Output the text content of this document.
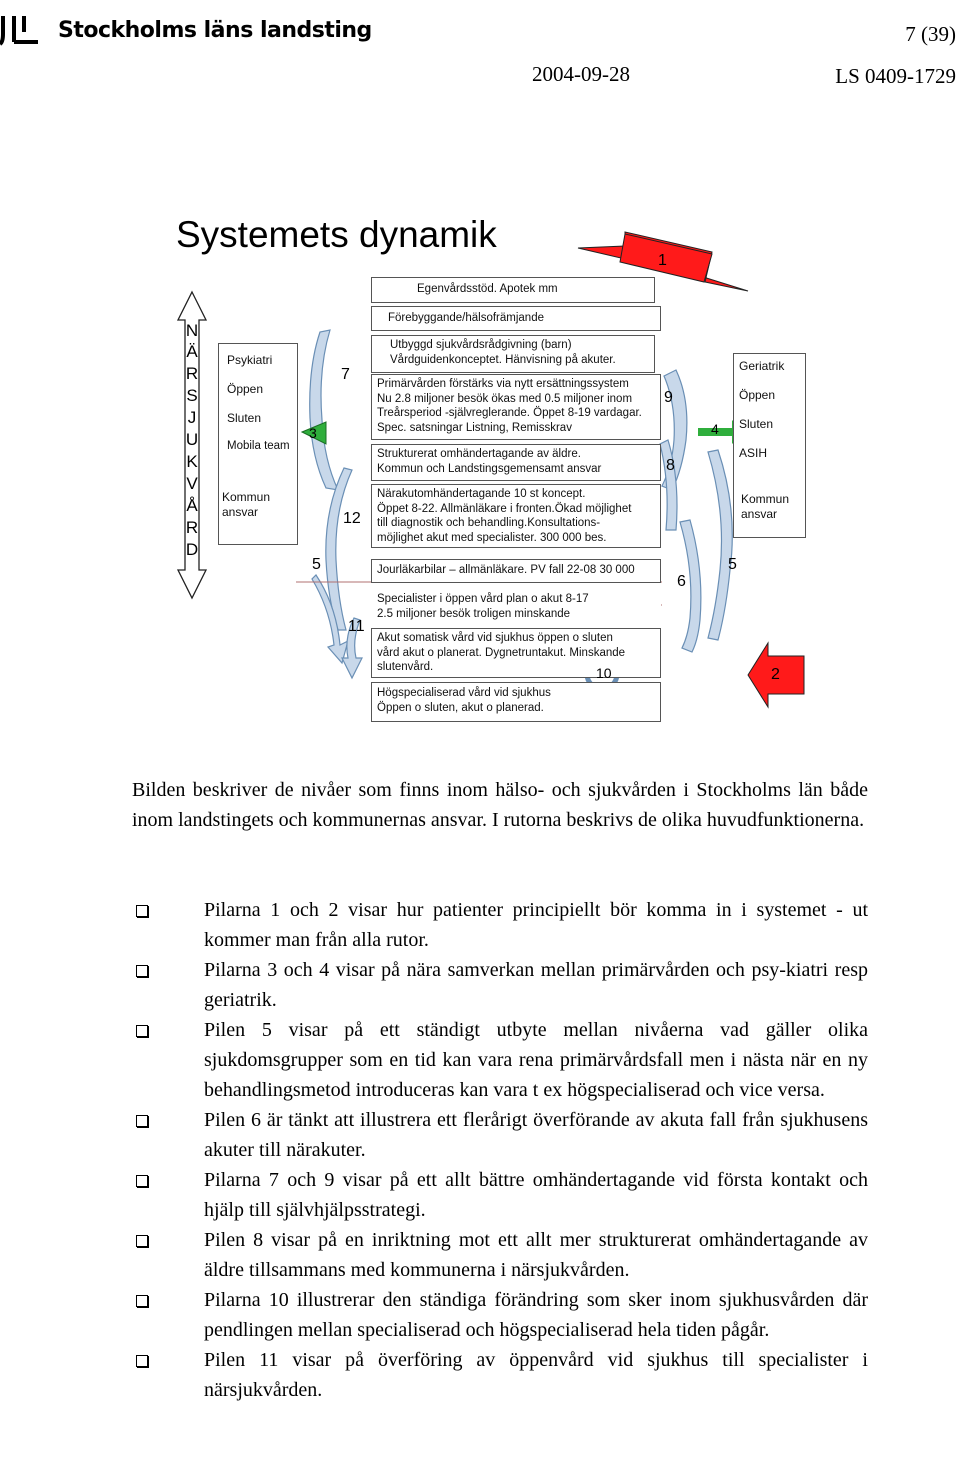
Stockholms läns landsting	7 (39)
2004-09-28	LS 0409-1729
Systemets dynamik
N
Ä
R
S
J
U
K
V
Å
R
D
Psykiatri
Öppen
Sluten
Mobila team
Kommun
ansvar
Geriatrik
Öppen
Sluten
ASIH
Kommun
ansvar
Egenvårdsstöd. Apotek mm
Förebyggande/hälsofrämjande
Utbyggd sjukvårdsrådgivning (barn)
Vårdguidenkonceptet. Hänvisning på akuter.
Primärvården förstärks via nytt ersättningssystem
Nu 2.8 miljoner besök ökas med 0.5 miljoner inom
Treårsperiod -självreglerande. Öppet 8-19 vardagar.
Spec. satsningar Listning, Remisskrav
Strukturerat omhändertagande av äldre.
Kommun och Landstingsgemensamt ansvar
Närakutomhändertagande 10 st koncept.
Öppet 8-22. Allmänläkare i fronten.Ökad möjlighet
till diagnostik och behandling.Konsultations-
möjlighet akut med specialister. 300 000 bes.
Jourläkarbilar – allmänläkare. PV fall 22-08 30 000
Specialister i öppen vård plan o akut 8-17
2.5 miljoner besök troligen minskande
Akut somatisk vård vid sjukhus öppen o sluten
vård akut o planerat. Dygnetruntakut. Minskande
slutenvård.
Högspecialiserad vård vid sjukhus
Öppen o sluten, akut o planerad.
1
2
3	4
5	5
6
7
8
9
10
11
12
Bilden beskriver de nivåer som finns inom hälso- och sjukvården i Stockholms län både inom landstingets och kommunernas ansvar. I rutorna beskrivs de olika huvudfunktionerna.
Pilarna 1 och 2 visar hur patienter principiellt bör komma in i systemet - ut kommer man från alla rutor.
Pilarna 3 och 4 visar på nära samverkan mellan primärvården och psy-kiatri resp geriatrik.
Pilen 5 visar på ett ständigt utbyte mellan nivåerna vad gäller olika sjukdomsgrupper som en tid kan vara rena primärvårdsfall men i nästa när en ny behandlingsmetod introduceras kan vara t ex högspecialiserad och vice versa.
Pilen 6 är tänkt att illustrera ett flerårigt överförande av akuta fall från sjukhusens akuter till närakuter.
Pilarna 7 och 9 visar på ett allt bättre omhändertagande vid första kontakt och hjälp till självhjälpsstrategi.
Pilen 8 visar på en inriktning mot ett allt mer strukturerat omhändertagande av äldre tillsammans med kommunerna i närsjukvården.
Pilarna 10 illustrerar den ständiga förändring som sker inom sjukhusvården där pendlingen mellan specialiserad och högspecialiserad hela tiden pågår.
Pilen 11 visar på överföring av öppenvård vid sjukhus till specialister i närsjukvården.
